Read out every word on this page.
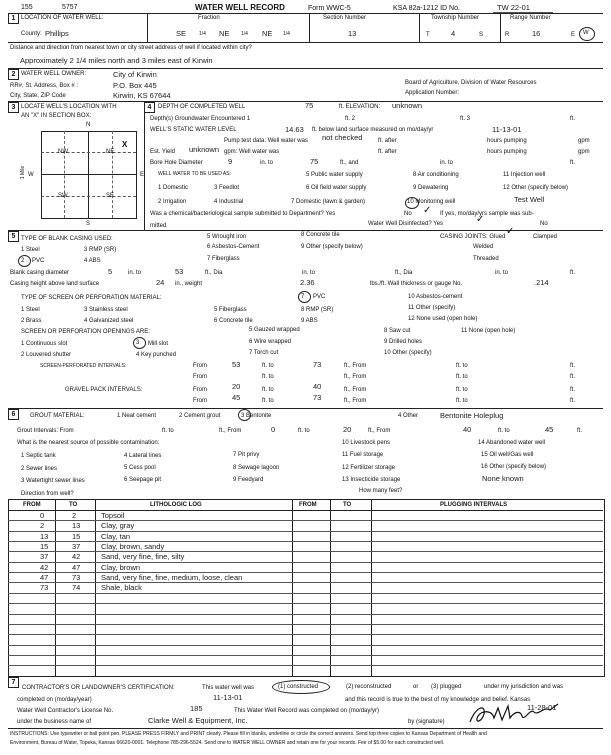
155	5757	WATER WELL RECORD	Form WWC-5	KSA 82a-1212 ID No.	TW 22-01
1 LOCATION OF WATER WELL:	Fraction	Section Number	Township Number	Range Number
County: Phillips	SE	1/4 NE 1/4 NE 1/4	13	T	4	S	R	16	E W
Distance and direction from nearest town or city street address of well if located within city?
Approximately 2 1/4 miles north and 3 miles east of Kirwin
2 WATER WELL OWNER:	City of Kirwin
RR#, St. Address, Box # :	P.O. Box 445
City, State, ZIP Code	Kirwin, KS 67644
Board of Agriculture, Division of Water Resources
Application Number:
3 LOCATE WELL'S LOCATION WITH
AN "X" IN SECTION BOX:
N
S
W	E
1 Mile
NW	NE
SW	SE
X
4	DEPTH OF COMPLETED WELL	75	ft. ELEVATION: unknown
Depth(s) Groundwater Encountered 1	ft. 2	ft. 3	ft.
WELL'S STATIC WATER LEVEL	14.63 ft. below land surface measured on mo/day/yr	11-13-01
Pump test data: Well water was not checked	ft. after	hours pumping	gpm
Est. Yield unknown gpm: Well water was	ft. after	hours pumping	gpm
Bore Hole Diameter	9	in. to	75	ft., and	in. to	ft.
WELL WATER TO BE USED AS:
1 Domestic	3 Feedlot
5 Public water supply	8 Air conditioning	11 Injection well
2 Irrigation	4 Industrial
6 Oil field water supply	9 Dewatering	12 Other (specify below)
7 Domestic (lawn & garden)	10 Monitoring well	Test Well
Was a chemical/bacteriological sample submitted to Department? Yes	No ✓ If yes, mo/day/yrs sample was sub-
mitted	Water Well Disinfected? Yes	✓	No
5 TYPE OF BLANK CASING USED:	5 Wrought iron	8 Concrete tile	CASING JOINTS: Glued ✓	Clamped
1 Steel	3 RMP (SR)	6 Asbestos-Cement	9 Other (specify below)	Welded
2 PVC	4 ABS	7 Fiberglass	Threaded
Blank casing diameter	5	in. to	53	ft., Dia	in. to	ft., Dia	in. to	ft.
Casing height above land surface	24 in., weight	2.36	lbs./ft. Wall thickness or gauge No.	.214
TYPE OF SCREEN OR PERFORATION MATERIAL:	7 PVC	10 Asbestos-cement
1 Steel	3 Stainless steel	5 Fiberglass	8 RMP (SR)	11 Other (specify)
2 Brass	4 Galvanized steel	6 Concrete tile	9 ABS	12 None used (open hole)
SCREEN OR PERFORATION OPENINGS ARE:	5 Gauzed wrapped	8 Saw cut	11 None (open hole)
1 Continuous slot	3 Mill slot	6 Wire wrapped	9 Drilled holes
2 Louvered shutter	4 Key punched	7 Torch cut	10 Other (specify)
SCREEN-PERFORATED INTERVALS:	From	53	ft. to	73	ft., From	ft. to	ft.
From	ft. to	ft., From	ft. to	ft.
GRAVEL PACK INTERVALS:	From	20	ft. to	40	ft., From	ft. to	ft.
From	45	ft. to	73	ft., From	ft. to	ft.
6	GROUT MATERIAL:	1 Neat cement	2 Cement grout	3 Bentonite	4 Other	Bentonite Holeplug
Grout Intervals: From	ft. to	ft., From	0	ft. to	20	ft., From	40	ft. to	45	ft.
What is the nearest source of possible contamination:
1 Septic tank	4 Lateral lines	7 Pit privy
10 Livestock pens	14 Abandoned water well
2 Sewer lines	5 Cess pool	8 Sewage lagoon
11 Fuel storage	15 Oil well/Gas well
3 Watertight sewer lines	6 Seepage pit	9 Feedyard
12 Fertilizer storage	16 Other (specify below)
13 Insecticide storage	None known
Direction from well?	How many feet?
FROM	TO	LITHOLOGIC LOG	FROM	TO	PLUGGING INTERVALS
0	2	Topsoil
2	13	Clay, gray
13	15	Clay, tan
15	37	Clay, brown, sandy
37	42	Sand, very fine, fine, silty
42	47	Clay, brown
47	73	Sand, very fine, fine, medium, loose, clean
73	74	Shale, black
7
CONTRACTOR'S OR LANDOWNER'S CERTIFICATION:	This water well was	(1) constructed	(2) reconstructed	or (3) plugged	under my jurisdiction and was
completed on (mo/day/year)	11-13-01	and this record is true to the best of my knowledge and belief. Kansas
Water Well Contractor's License No.	185	This Water Well Record was completed on (mo/day/yr)	11-28-01
under the business name of	Clarke Well & Equipment, Inc.	by (signature)
INSTRUCTIONS: Use typewriter or ball point pen. PLEASE PRESS FIRMLY and PRINT clearly. Please fill in blanks, underline or circle the correct answers. Send top three copies to Kansas Department of Health and
Environment, Bureau of Water, Topeka, Kansas 66620-0001. Telephone 785-296-5524. Send one to WATER WELL OWNER and retain one for your records. Fee of $5.00 for each constructed well.
